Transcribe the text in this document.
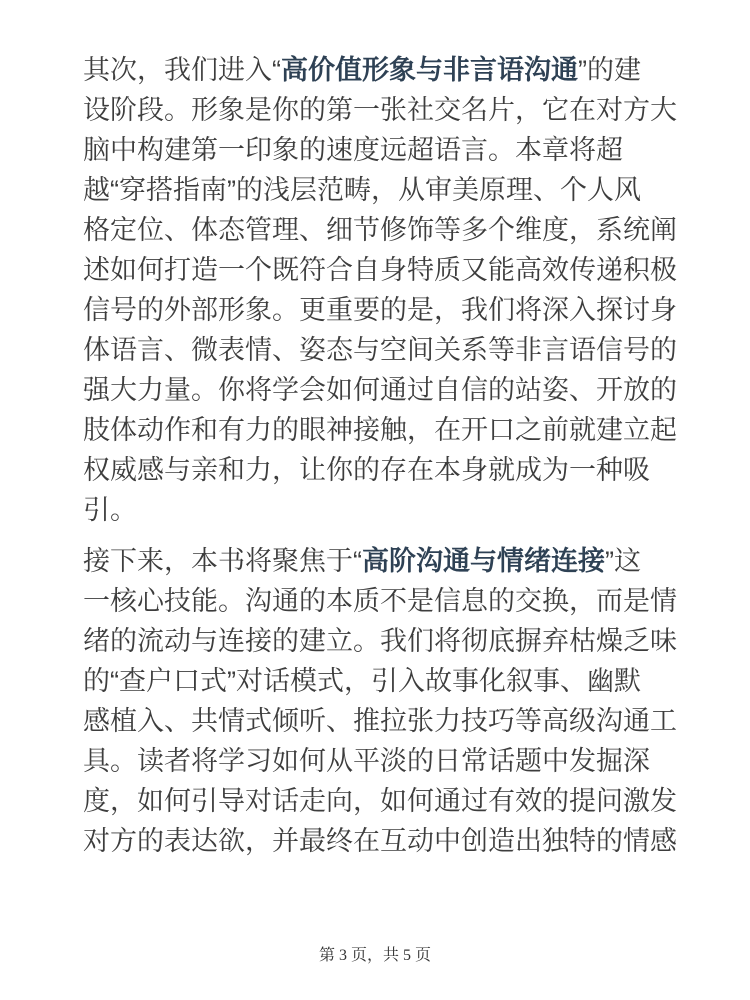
其次，我们进入“高价值形象与非言语沟通”的建
设阶段。形象是你的第一张社交名片，它在对方大
脑中构建第一印象的速度远超语言。本章将超
越“穿搭指南”的浅层范畴，从审美原理、个人风
格定位、体态管理、细节修饰等多个维度，系统阐
述如何打造一个既符合自身特质又能高效传递积极
信号的外部形象。更重要的是，我们将深入探讨身
体语言、微表情、姿态与空间关系等非言语信号的
强大力量。你将学会如何通过自信的站姿、开放的
肢体动作和有力的眼神接触，在开口之前就建立起
权威感与亲和力，让你的存在本身就成为一种吸
引。

接下来，本书将聚焦于“高阶沟通与情绪连接”这
一核心技能。沟通的本质不是信息的交换，而是情
绪的流动与连接的建立。我们将彻底摒弃枯燥乏味
的“查户口式”对话模式，引入故事化叙事、幽默
感植入、共情式倾听、推拉张力技巧等高级沟通工
具。读者将学习如何从平淡的日常话题中发掘深
度，如何引导对话走向，如何通过有效的提问激发
对方的表达欲，并最终在互动中创造出独特的情感

第 3 页，共 5 页
